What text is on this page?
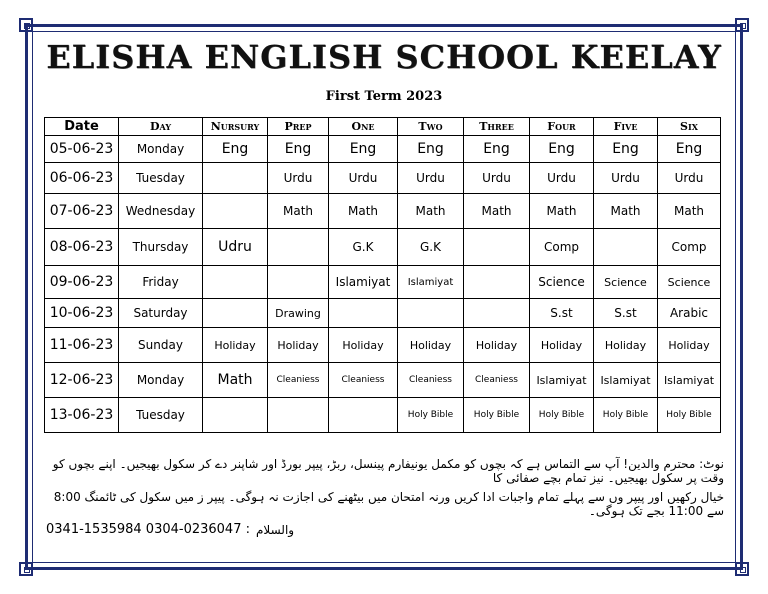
ELISHA ENGLISH SCHOOL KEELAY
First Term 2023
Date	Day	Nursury	Prep	One	Two	Three	Four	Five	Six
05-06-23	Monday	Eng	Eng	Eng	Eng	Eng	Eng	Eng	Eng
06-06-23	Tuesday		Urdu	Urdu	Urdu	Urdu	Urdu	Urdu	Urdu
07-06-23	Wednesday		Math	Math	Math	Math	Math	Math	Math
08-06-23	Thursday	Udru		G.K	G.K		Comp		Comp
09-06-23	Friday			Islamiyat	Islamiyat		Science	Science	Science
10-06-23	Saturday		Drawing				S.st	S.st	Arabic
11-06-23	Sunday	Holiday	Holiday	Holiday	Holiday	Holiday	Holiday	Holiday	Holiday
12-06-23	Monday	Math	Cleaniess	Cleaniess	Cleaniess	Cleaniess	Islamiyat	Islamiyat	Islamiyat
13-06-23	Tuesday				Holy Bible	Holy Bible	Holy Bible	Holy Bible	Holy Bible
نوٹ: محترم والدین! آپ سے التماس ہے کہ بچوں کو مکمل یونیفارم پینسل، ربڑ، پیپر بورڈ اور شاپنر دے کر سکول بھیجیں۔ اپنے بچوں کو وقت پر سکول بھیجیں۔ نیز تمام بچے صفائی کا
خیال رکھیں اور پیپر وں سے پہلے تمام واجبات ادا کریں ورنہ امتحان میں بیٹھنے کی اجازت نہ ہوگی۔ پیپر ز میں سکول کی ٹائمنگ 8:00 سے 11:00 بجے تک ہوگی۔
0341-1535984 0304-0236047 : والسلام
